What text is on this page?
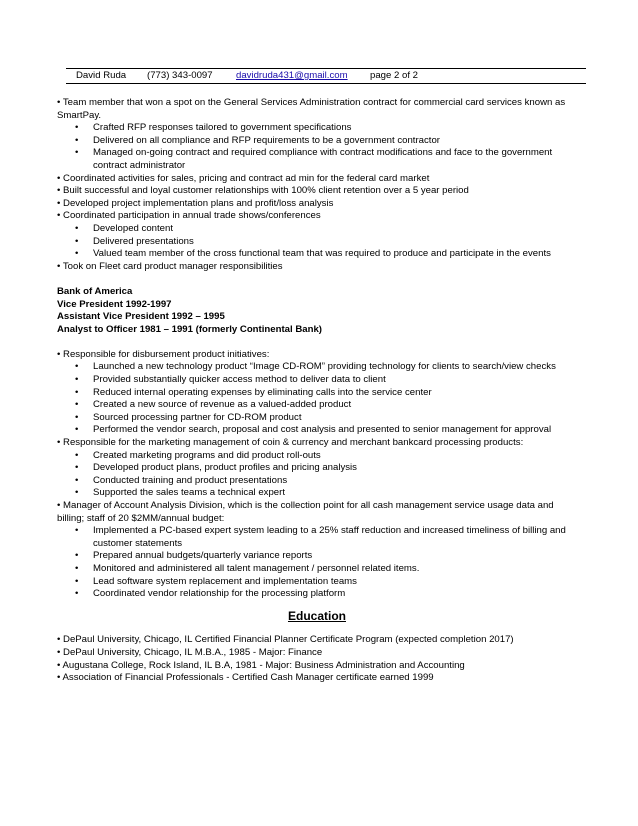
David Ruda (773) 343-0097 davidruda431@gmail.com page 2 of 2

• Team member that won a spot on the General Services Administration contract for commercial card services known as SmartPay.

• Crafted RFP responses tailored to government specifications

• Delivered on all compliance and RFP requirements to be a government contractor

• Managed on-going contract and required compliance with contract modifications and face to the government contract administrator

• Coordinated activities for sales, pricing and contract ad min for the federal card market

• Built successful and loyal customer relationships with 100% client retention over a 5 year period

• Developed project implementation plans and profit/loss analysis

• Coordinated participation in annual trade shows/conferences

• Developed content

• Delivered presentations

• Valued team member of the cross functional team that was required to produce and participate in the events

• Took on Fleet card product manager responsibilities

Bank of America

Vice President 1992-1997

Assistant Vice President 1992 – 1995

Analyst to Officer 1981 – 1991 (formerly Continental Bank)

• Responsible for disbursement product initiatives:

• Launched a new technology product “Image CD-ROM” providing technology for clients to search/view checks

• Provided substantially quicker access method to deliver data to client

• Reduced internal operating expenses by eliminating calls into the service center

• Created a new source of revenue as a valued-added product

• Sourced processing partner for CD-ROM product

• Performed the vendor search, proposal and cost analysis and presented to senior management for approval

• Responsible for the marketing management of coin & currency and merchant bankcard processing products:

• Created marketing programs and did product roll-outs

• Developed product plans, product profiles and pricing analysis

• Conducted training and product presentations

• Supported the sales teams a technical expert

• Manager of Account Analysis Division, which is the collection point for all cash management service usage data and billing; staff of 20 $2MM/annual budget:

• Implemented a PC-based expert system leading to a 25% staff reduction and increased timeliness of billing and customer statements

• Prepared annual budgets/quarterly variance reports

• Monitored and administered all talent management / personnel related items.

• Lead software system replacement and implementation teams

• Coordinated vendor relationship for the processing platform

Education

• DePaul University, Chicago, IL Certified Financial Planner Certificate Program (expected completion 2017)

• DePaul University, Chicago, IL M.B.A., 1985 - Major: Finance

• Augustana College, Rock Island, IL B.A, 1981 - Major: Business Administration and Accounting

• Association of Financial Professionals - Certified Cash Manager certificate earned 1999
